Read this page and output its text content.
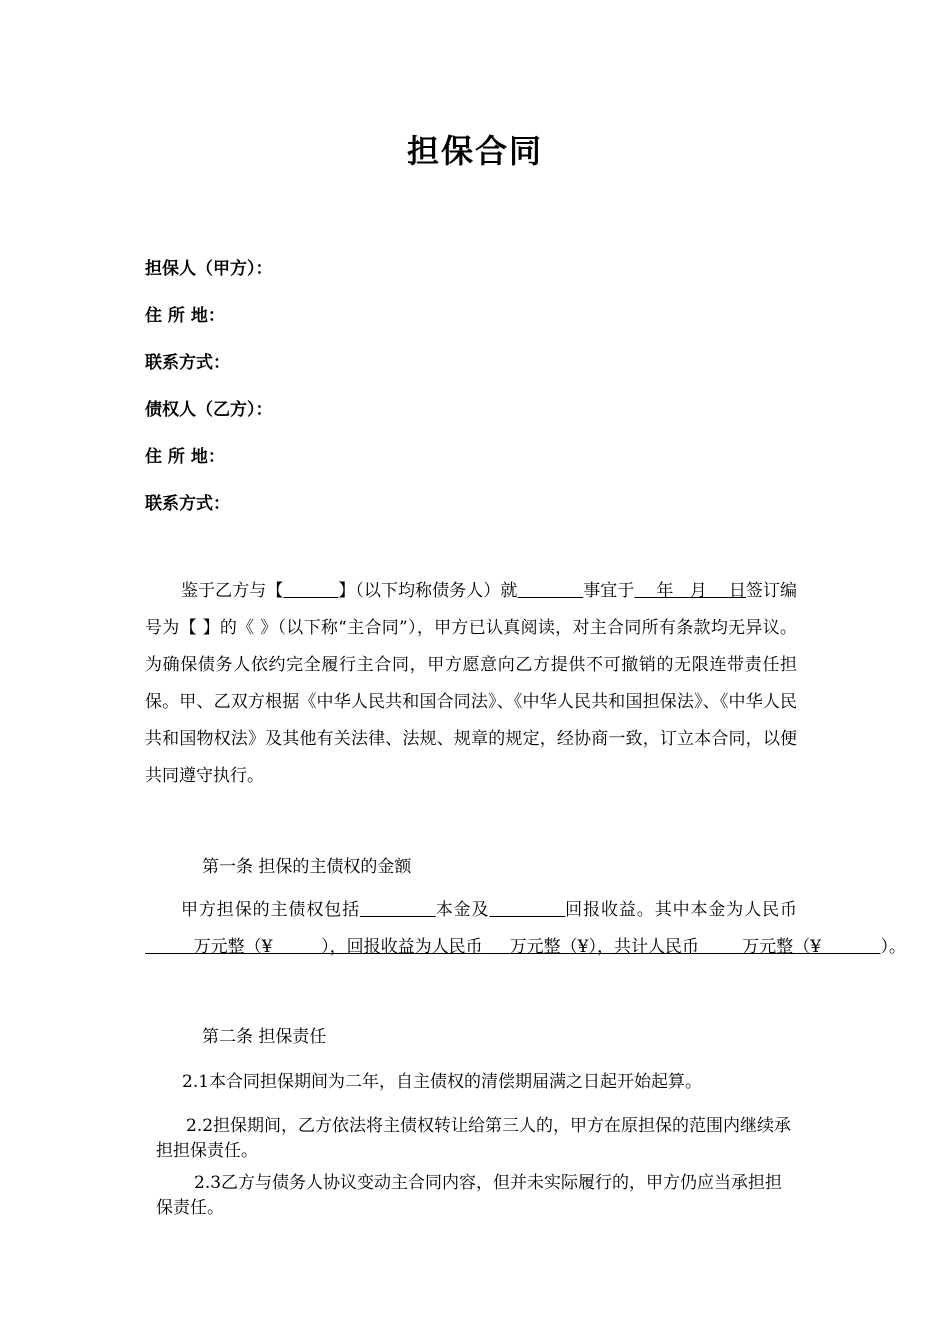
担保合同
担保人（甲方）：
住 所 地：
联系方式：
债权人（乙方）：
住 所 地：
联系方式：
鉴于乙方与【	】（以下均称债务人）就	事宜于 年 月 日签订编号为【 】的《 》（以下称“主合同”），甲方已认真阅读，对主合同所有条款均无异议。为确保债务人依约完全履行主合同，甲方愿意向乙方提供不可撤销的无限连带责任担保。甲、乙双方根据《中华人民共和国合同法》、《中华人民共和国担保法》、《中华人民共和国物权法》及其他有关法律、法规、规章的规定，经协商一致，订立本合同，以便共同遵守执行。
第一条 担保的主债权的金额
甲方担保的主债权包括	本金及	回报收益。其中本金为人民币         万元整（¥	），回报收益为人民币 万元整（¥），共计人民币	万元整（¥	）。
第二条 担保责任
2.1本合同担保期间为二年，自主债权的清偿期届满之日起开始起算。
2.2担保期间，乙方依法将主债权转让给第三人的，甲方在原担保的范围内继续承担担保责任。
2.3乙方与债务人协议变动主合同内容，但并未实际履行的，甲方仍应当承担担保责任。
